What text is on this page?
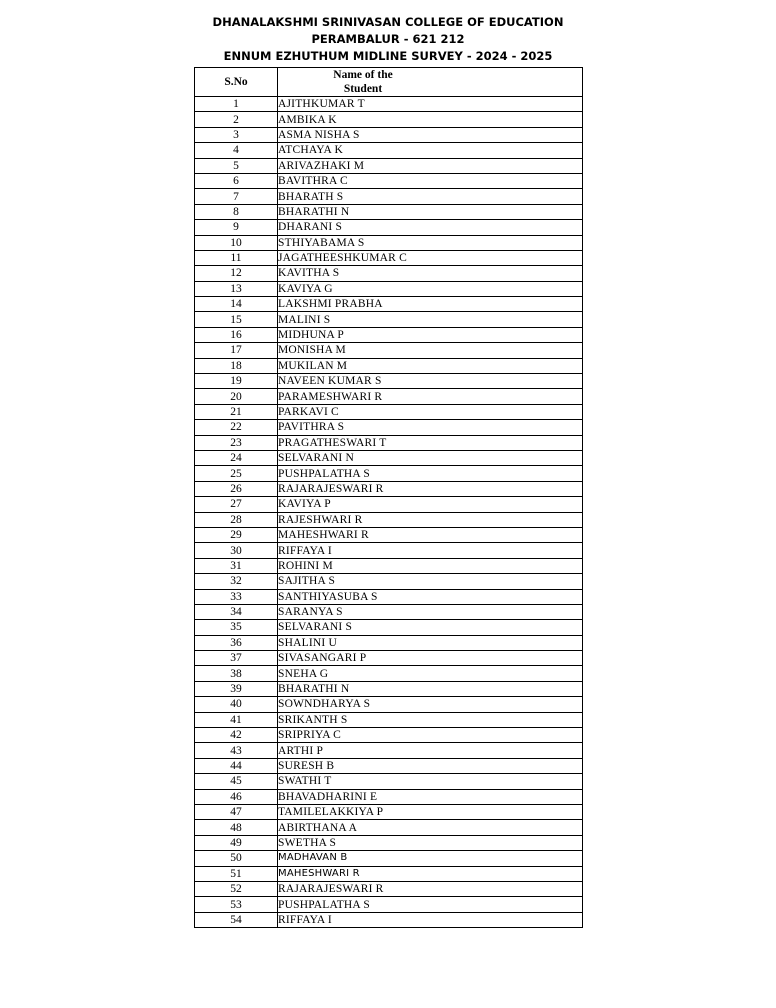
DHANALAKSHMI SRINIVASAN COLLEGE OF EDUCATION
PERAMBALUR - 621 212
ENNUM EZHUTHUM MIDLINE SURVEY - 2024 - 2025
S.No	Name of the
Student

1	AJITHKUMAR T
2	AMBIKA K
3	ASMA NISHA S
4	ATCHAYA K
5	ARIVAZHAKI M
6	BAVITHRA C
7	BHARATH S
8	BHARATHI N
9	DHARANI S
10	STHIYABAMA S
11	JAGATHEESHKUMAR C
12	KAVITHA S
13	KAVIYA G
14	LAKSHMI PRABHA
15	MALINI S
16	MIDHUNA P
17	MONISHA M
18	MUKILAN M
19	NAVEEN KUMAR S
20	PARAMESHWARI R
21	PARKAVI C
22	PAVITHRA S
23	PRAGATHESWARI T
24	SELVARANI N
25	PUSHPALATHA S
26	RAJARAJESWARI R
27	KAVIYA P
28	RAJESHWARI R
29	MAHESHWARI R
30	RIFFAYA I
31	ROHINI M
32	SAJITHA S
33	SANTHIYASUBA S
34	SARANYA S
35	SELVARANI S
36	SHALINI U
37	SIVASANGARI P
38	SNEHA G
39	BHARATHI N
40	SOWNDHARYA S
41	SRIKANTH S
42	SRIPRIYA C
43	ARTHI P
44	SURESH B
45	SWATHI T
46	BHAVADHARINI E
47	TAMILELAKKIYA P
48	ABIRTHANA A
49	SWETHA S
50	MADHAVAN B
51	MAHESHWARI R
52	RAJARAJESWARI R
53	PUSHPALATHA S
54	RIFFAYA I
